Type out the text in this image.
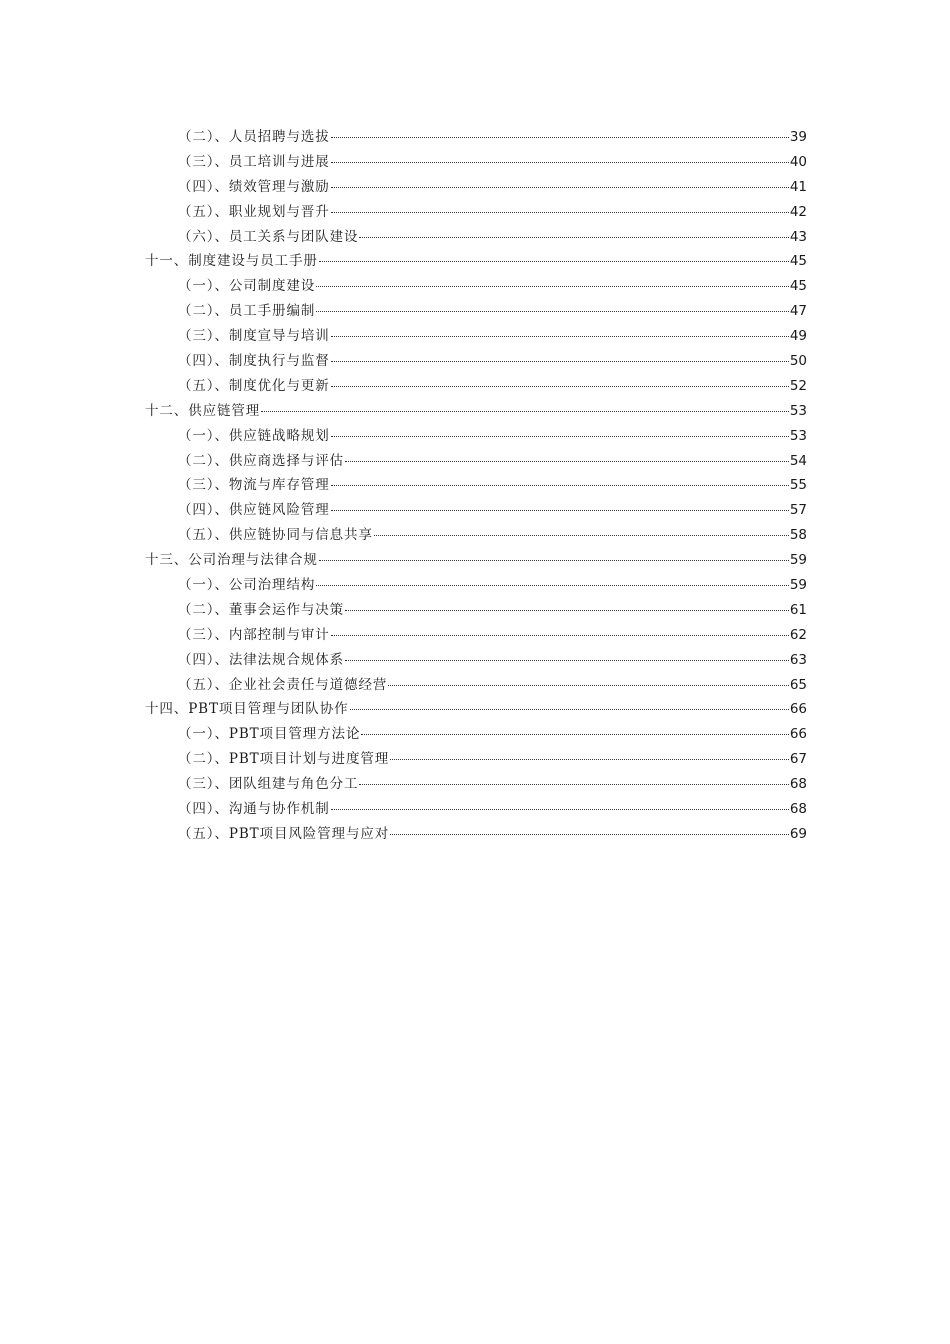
（二）、人员招聘与选拔	39
（三）、员工培训与进展	40
（四）、绩效管理与激励	41
（五）、职业规划与晋升	42
（六）、员工关系与团队建设	43
十一、制度建设与员工手册	45
（一）、公司制度建设	45
（二）、员工手册编制	47
（三）、制度宣导与培训	49
（四）、制度执行与监督	50
（五）、制度优化与更新	52
十二、供应链管理	53
（一）、供应链战略规划	53
（二）、供应商选择与评估	54
（三）、物流与库存管理	55
（四）、供应链风险管理	57
（五）、供应链协同与信息共享	58
十三、公司治理与法律合规	59
（一）、公司治理结构	59
（二）、董事会运作与决策	61
（三）、内部控制与审计	62
（四）、法律法规合规体系	63
（五）、企业社会责任与道德经营	65
十四、PBT项目管理与团队协作	66
（一）、PBT项目管理方法论	66
（二）、PBT项目计划与进度管理	67
（三）、团队组建与角色分工	68
（四）、沟通与协作机制	68
（五）、PBT项目风险管理与应对	69
